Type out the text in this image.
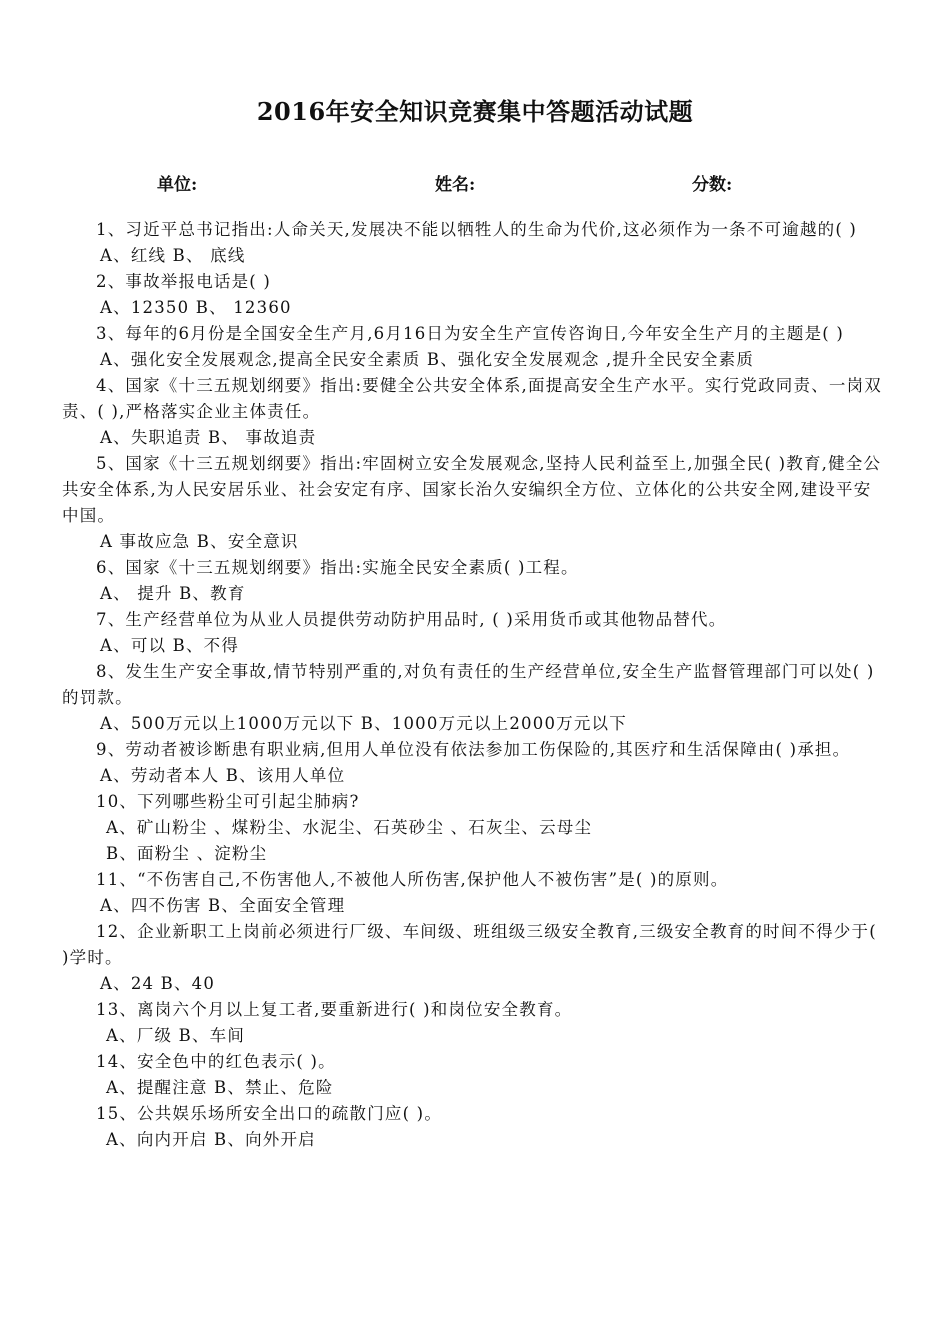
2016年安全知识竞赛集中答题活动试题
单位:	姓名:	分数:

1、习近平总书记指出:人命关天,发展决不能以牺牲人的生命为代价,这必须作为一条不可逾越的( )

A、红线 B、 底线

2、事故举报电话是( )

A、12350 B、 12360

3、每年的6月份是全国安全生产月,6月16日为安全生产宣传咨询日,今年安全生产月的主题是( )

A、强化安全发展观念,提高全民安全素质 B、强化安全发展观念 ,提升全民安全素质

4、国家《十三五规划纲要》指出:要健全公共安全体系,面提高安全生产水平。实行党政同责、一岗双责、( ),严格落实企业主体责任。

A、失职追责 B、 事故追责

5、国家《十三五规划纲要》指出:牢固树立安全发展观念,坚持人民利益至上,加强全民( )教育,健全公共安全体系,为人民安居乐业、社会安定有序、国家长治久安编织全方位、立体化的公共安全网,建设平安中国。

A 事故应急 B、安全意识

6、国家《十三五规划纲要》指出:实施全民安全素质( )工程。

A、 提升 B、教育

7、生产经营单位为从业人员提供劳动防护用品时, ( )采用货币或其他物品替代。

A、可以 B、不得

8、发生生产安全事故,情节特别严重的,对负有责任的生产经营单位,安全生产监督管理部门可以处( )的罚款。

A、500万元以上1000万元以下 B、1000万元以上2000万元以下

9、劳动者被诊断患有职业病,但用人单位没有依法参加工伤保险的,其医疗和生活保障由( )承担。

A、劳动者本人 B、该用人单位

10、下列哪些粉尘可引起尘肺病?

A、矿山粉尘 、煤粉尘、水泥尘、石英砂尘 、石灰尘、云母尘

B、面粉尘 、淀粉尘

11、“不伤害自己,不伤害他人,不被他人所伤害,保护他人不被伤害”是( )的原则。

A、四不伤害 B、全面安全管理

12、企业新职工上岗前必须进行厂级、车间级、班组级三级安全教育,三级安全教育的时间不得少于( )学时。

A、24 B、40

13、离岗六个月以上复工者,要重新进行( )和岗位安全教育。

A、厂级 B、车间

14、安全色中的红色表示( )。

A、提醒注意 B、禁止、危险

15、公共娱乐场所安全出口的疏散门应( )。

A、向内开启 B、向外开启
